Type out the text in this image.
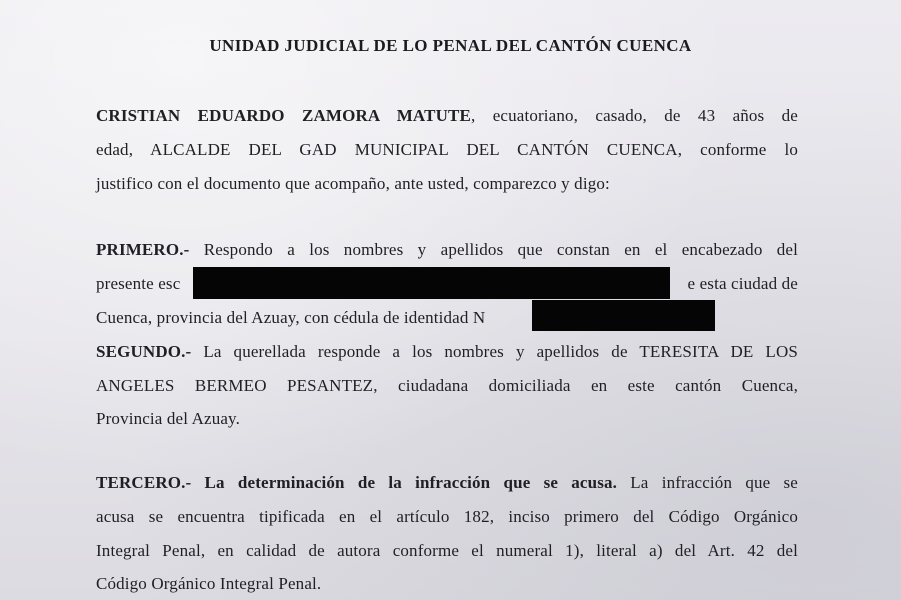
UNIDAD JUDICIAL DE LO PENAL DEL CANTÓN CUENCA
CRISTIAN EDUARDO ZAMORA MATUTE, ecuatoriano, casado, de 43 años de
edad, ALCALDE DEL GAD MUNICIPAL DEL CANTÓN CUENCA, conforme lo
justifico con el documento que acompaño, ante usted, comparezco y digo:
PRIMERO.- Respondo a los nombres y apellidos que constan en el encabezado del
presente esc	e esta ciudad de
Cuenca, provincia del Azuay, con cédula de identidad N
SEGUNDO.- La querellada responde a los nombres y apellidos de TERESITA DE LOS
ANGELES BERMEO PESANTEZ, ciudadana domiciliada en este cantón Cuenca,
Provincia del Azuay.
TERCERO.- La determinación de la infracción que se acusa. La infracción que se
acusa se encuentra tipificada en el artículo 182, inciso primero del Código Orgánico
Integral Penal, en calidad de autora conforme el numeral 1), literal a) del Art. 42 del
Código Orgánico Integral Penal.
